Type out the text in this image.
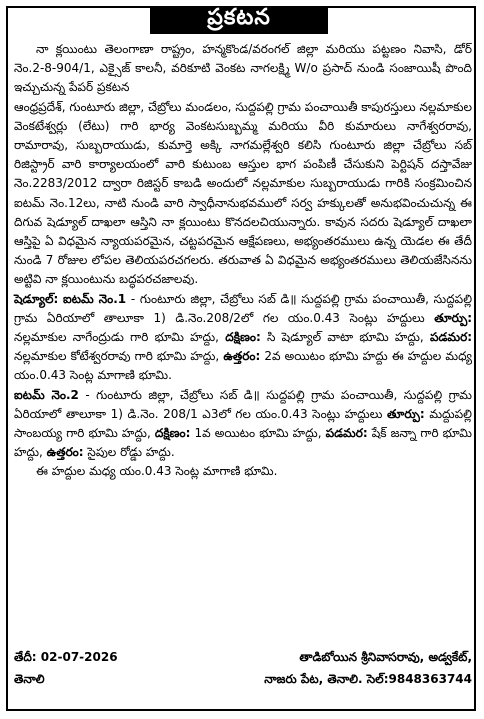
ప్రకటన

నా క్లయింటు తెలంగాణా రాష్ట్రం, హన్మకొండ/వరంగల్ జిల్లా మరియు పట్టణం నివాసి, డోర్ నెం.2-8-904/1, ఎక్సైజ్ కాలనీ, వరికూటి వెంకట నాగలక్ష్మి W/o ప్రసాద్ నుండి సంజాయిషీ పొంది ఇచ్చుచున్న పేపర్ ప్రకటన

ఆంధ్రప్రదేశ్, గుంటూరు జిల్లా, చేబ్రోలు మండలం, సుద్దపల్లి గ్రామ పంచాయితీ కాపురస్తులు నల్లమాకుల వెంకటేశ్వర్లు (లేటు) గారి భార్య వెంకటసుబ్బమ్మ మరియు వీరి కుమారులు నాగేశ్వరరావు, రామారావు, సుబ్బరాయుడు, కుమార్తె అక్కి నాగమల్లేశ్వరి కలిసి గుంటూరు జిల్లా చేబ్రోలు సబ్ రిజిస్ట్రార్ వారి కార్యాలయంలో వారి కుటుంబ ఆస్తుల భాగ పంపిణీ చేసుకుని పెర్టిషన్ దస్తావేజు నెం.2283/2012 ద్వారా రిజిస్టర్ కాబడి అందులో నల్లమాకుల సుబ్బరాయుడు గారికి సంక్రమించిన ఐటమ్ నెం.12లు, నాటి నుండి వారి స్వాధీనానుభవములో సర్వ హక్కులతో అనుభవించుచున్న ఈ దిగువ షెడ్యూల్ దాఖలా ఆస్తిని నా క్లయింటు కొనదలచియున్నారు. కావున సదరు షెడ్యూల్ దాఖలా ఆస్తిపై ఏ విధమైన న్యాయపరమైన, చట్టపరమైన ఆక్షేపణలు, అభ్యంతరములు ఉన్న యెడల ఈ తేదీ నుండి 7 రోజుల లోపల తెలియపరచగలరు. తరువాత ఏ విధమైన అభ్యంతరములు తెలియజేసినను అట్టివి నా క్లయింటును బద్ధపరచజాలవు.

షెడ్యూల్: ఐటమ్ నెం.1 - గుంటూరు జిల్లా, చేబ్రోలు సబ్ డి॥ సుద్దపల్లి గ్రామ పంచాయితీ, సుద్దపల్లి గ్రామ ఏరియాలో తాలూకా 1) డి.నెం.208/2లో గల యం.0.43 సెంట్లు హద్దులు తూర్పు: నల్లమాకుల నాగేంద్రుడు గారి భూమి హద్దు, దక్షిణం: సి షెడ్యూల్ వాటా భూమి హద్దు, పడమర: నల్లమాకుల కోటేశ్వరరావు గారి భూమి హద్దు, ఉత్తరం: 2వ అయిటం భూమి హద్దు ఈ హద్దుల మధ్య యం.0.43 సెంట్ల మాగాణి భూమి.

ఐటమ్ నెం.2 - గుంటూరు జిల్లా, చేబ్రోలు సబ్ డి॥ సుద్దపల్లి గ్రామ పంచాయితీ, సుద్దపల్లి గ్రామ ఏరియాలో తాలూకా 1) డి.నెం. 208/1 ఎ3లో గల యం.0.43 సెంట్లు హద్దులు తూర్పు: మద్దుపల్లి సాంబయ్య గారి భూమి హద్దు, దక్షిణం: 1వ అయిటం భూమి హద్దు, పడమర: షేక్ జన్నా గారి భూమి హద్దు, ఉత్తరం: సైపుల రోడ్డు హద్దు.

ఈ హద్దుల మధ్య యం.0.43 సెంట్ల మాగాణి భూమి.

తేదీ: 02-07-2026	తాడిబోయిన శ్రీనివాసరావు, అడ్వకేట్,
తెనాలి	నాజరు పేట, తెనాలి. సెల్:9848363744
